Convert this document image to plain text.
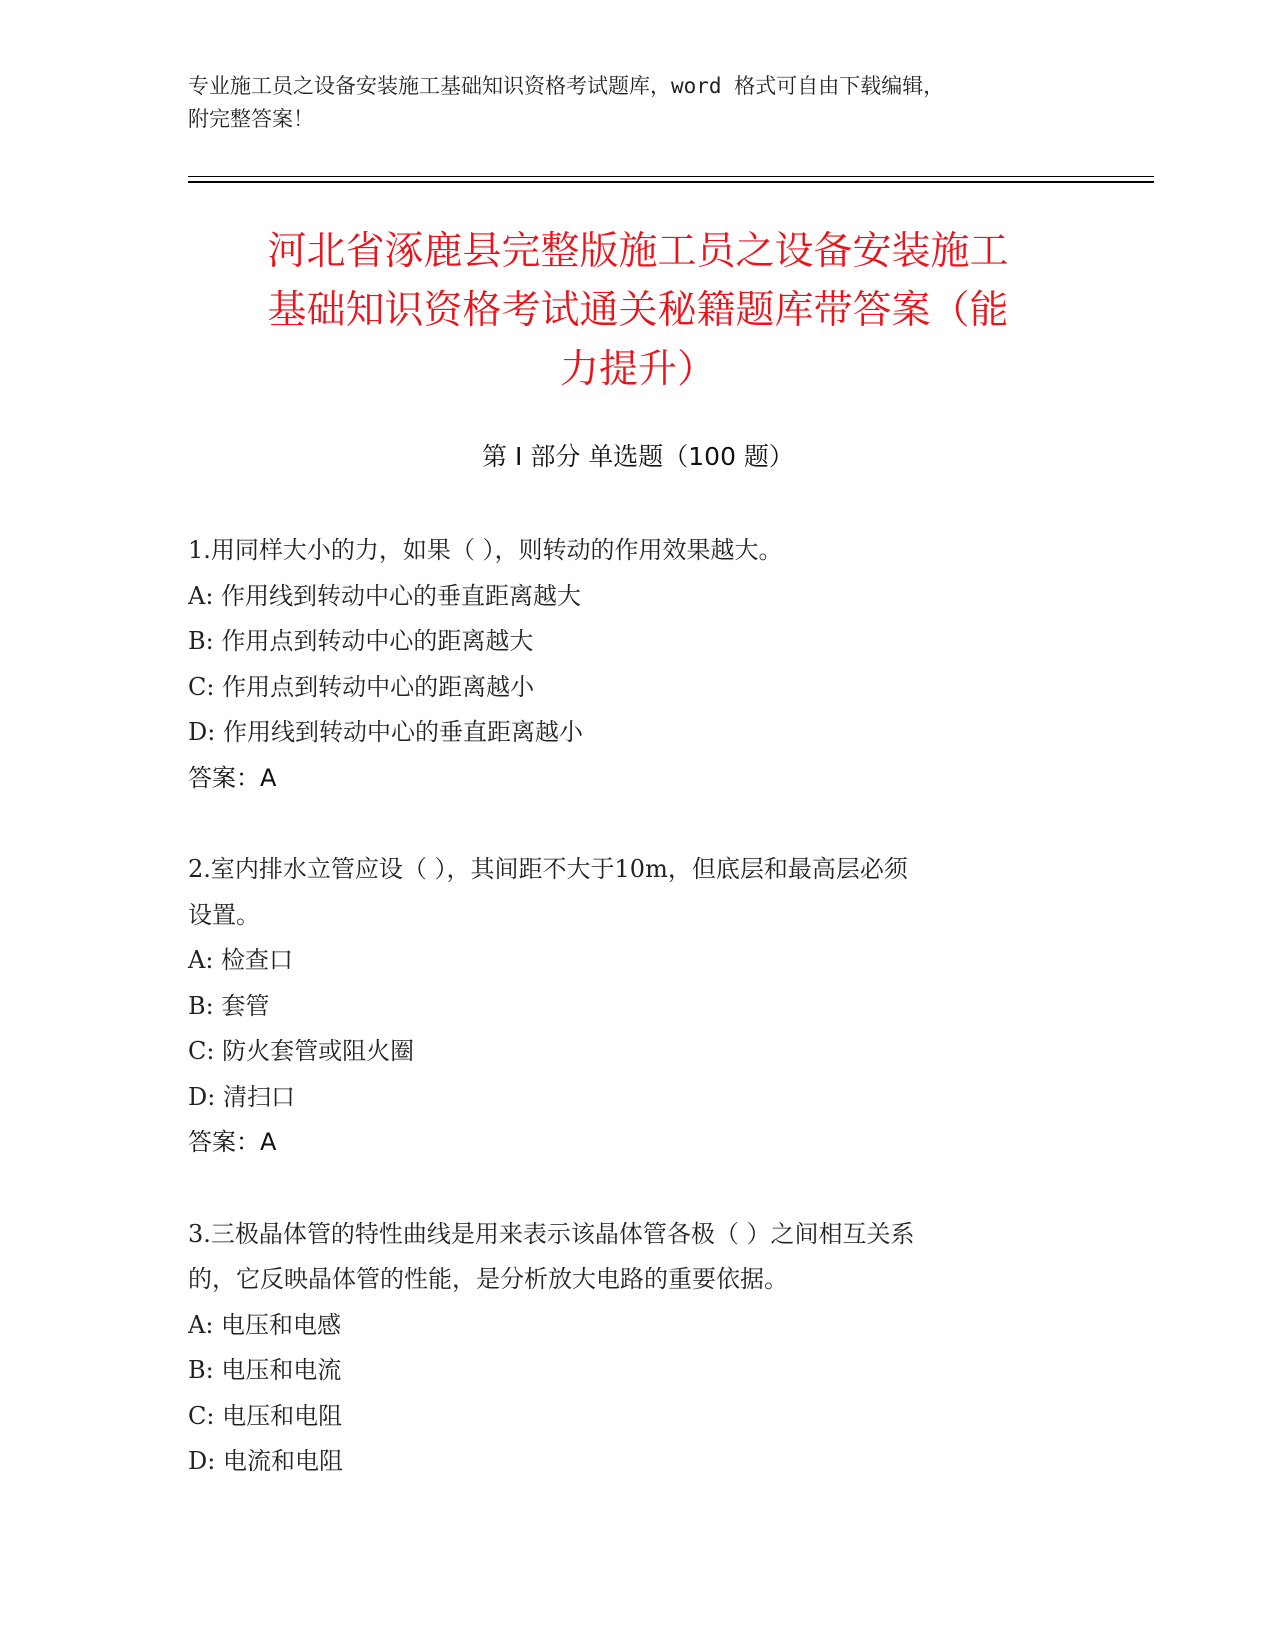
专业施工员之设备安装施工基础知识资格考试题库，word 格式可自由下载编辑，
附完整答案！
河北省涿鹿县完整版施工员之设备安装施工
基础知识资格考试通关秘籍题库带答案（能
力提升）
第 I 部分 单选题（100 题）
1.用同样大小的力，如果（ ），则转动的作用效果越大。
A: 作用线到转动中心的垂直距离越大
B: 作用点到转动中心的距离越大
C: 作用点到转动中心的距离越小
D: 作用线到转动中心的垂直距离越小
答案：A
2.室内排水立管应设（ ），其间距不大于10m，但底层和最高层必须
设置。
A: 检查口
B: 套管
C: 防火套管或阻火圈
D: 清扫口
答案：A
3.三极晶体管的特性曲线是用来表示该晶体管各极（ ）之间相互关系
的，它反映晶体管的性能，是分析放大电路的重要依据。
A: 电压和电感
B: 电压和电流
C: 电压和电阻
D: 电流和电阻
